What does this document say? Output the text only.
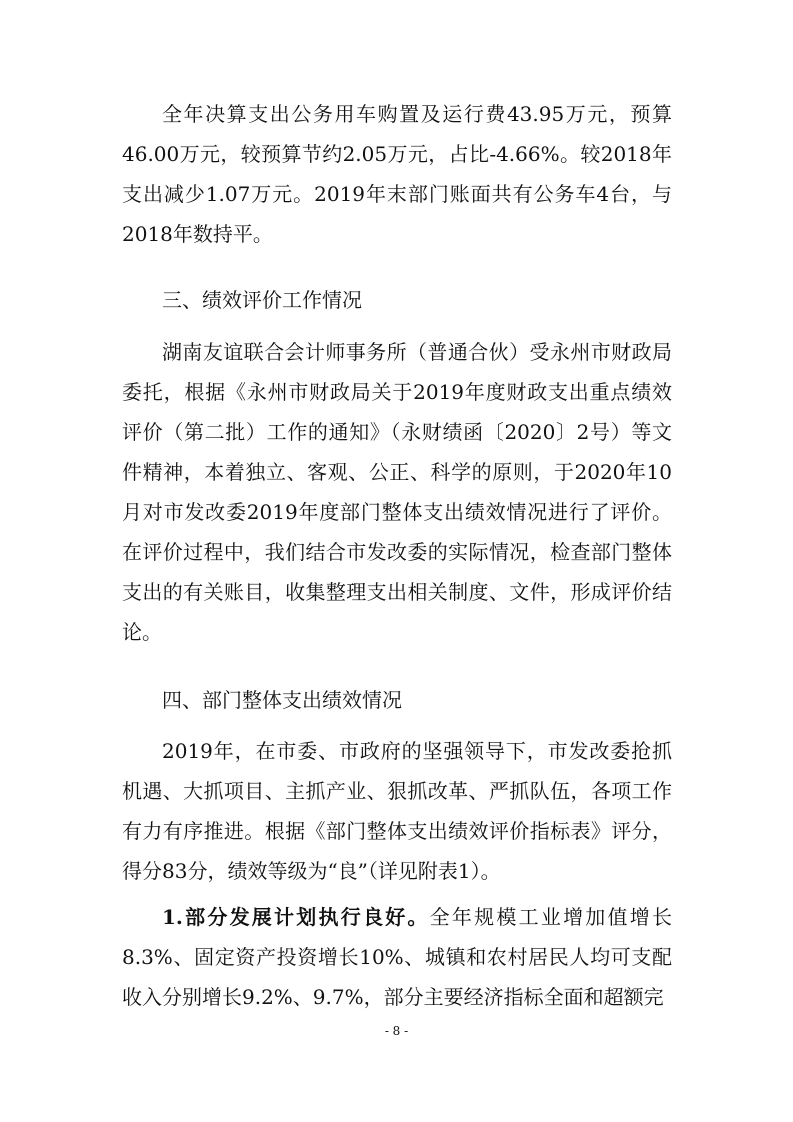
全年决算支出公务用车购置及运行费43.95万元，预算46.00万元，较预算节约2.05万元，占比-4.66%。较2018年支出减少1.07万元。2019年末部门账面共有公务车4台，与2018年数持平。

三、绩效评价工作情况

湖南友谊联合会计师事务所（普通合伙）受永州市财政局委托，根据《永州市财政局关于2019年度财政支出重点绩效评价（第二批）工作的通知》（永财绩函〔2020〕2号）等文件精神，本着独立、客观、公正、科学的原则，于2020年10月对市发改委2019年度部门整体支出绩效情况进行了评价。在评价过程中，我们结合市发改委的实际情况，检查部门整体支出的有关账目，收集整理支出相关制度、文件，形成评价结论。

四、部门整体支出绩效情况

2019年，在市委、市政府的坚强领导下，市发改委抢抓机遇、大抓项目、主抓产业、狠抓改革、严抓队伍，各项工作有力有序推进。根据《部门整体支出绩效评价指标表》评分，得分83分，绩效等级为“良”（详见附表1）。

1.部分发展计划执行良好。全年规模工业增加值增长8.3%、固定资产投资增长10%、城镇和农村居民人均可支配收入分别增长9.2%、9.7%，部分主要经济指标全面和超额完

- 8 -
